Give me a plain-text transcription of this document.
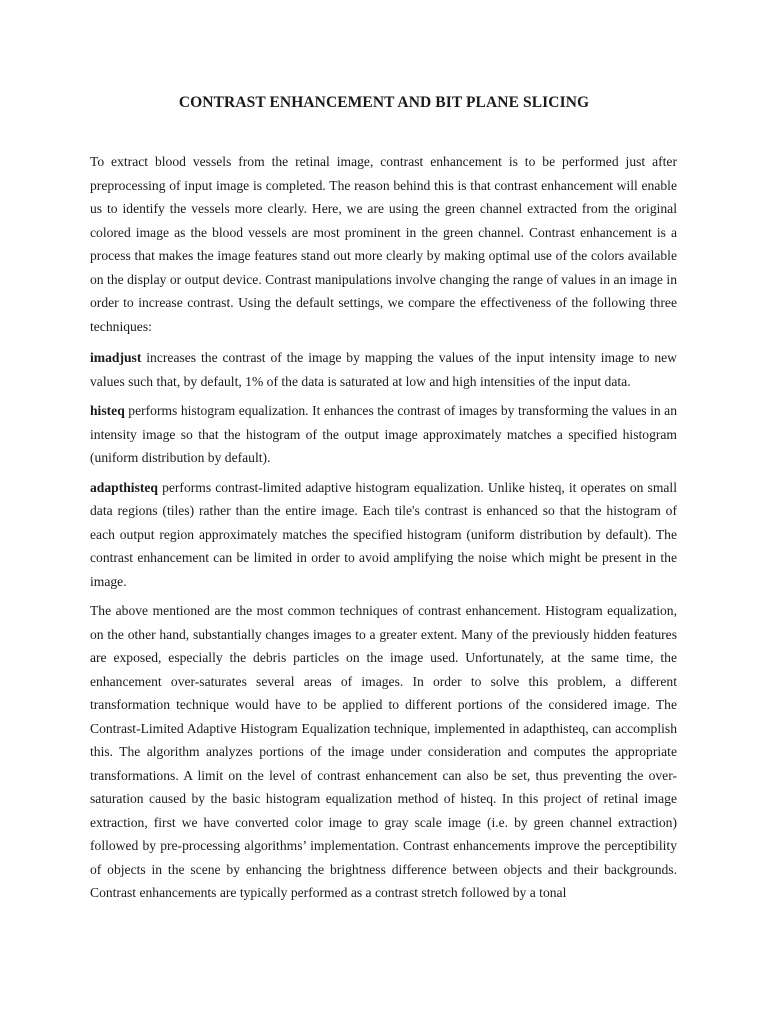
CONTRAST ENHANCEMENT AND BIT PLANE SLICING

To extract blood vessels from the retinal image, contrast enhancement is to be performed just after preprocessing of input image is completed. The reason behind this is that contrast enhancement will enable us to identify the vessels more clearly. Here, we are using the green channel extracted from the original colored image as the blood vessels are most prominent in the green channel. Contrast enhancement is a process that makes the image features stand out more clearly by making optimal use of the colors available on the display or output device. Contrast manipulations involve changing the range of values in an image in order to increase contrast. Using the default settings, we compare the effectiveness of the following three techniques:

imadjust increases the contrast of the image by mapping the values of the input intensity image to new values such that, by default, 1% of the data is saturated at low and high intensities of the input data.

histeq performs histogram equalization. It enhances the contrast of images by transforming the values in an intensity image so that the histogram of the output image approximately matches a specified histogram (uniform distribution by default).

adapthisteq performs contrast-limited adaptive histogram equalization. Unlike histeq, it operates on small data regions (tiles) rather than the entire image. Each tile's contrast is enhanced so that the histogram of each output region approximately matches the specified histogram (uniform distribution by default). The contrast enhancement can be limited in order to avoid amplifying the noise which might be present in the image.

The above mentioned are the most common techniques of contrast enhancement. Histogram equalization, on the other hand, substantially changes images to a greater extent. Many of the previously hidden features are exposed, especially the debris particles on the image used. Unfortunately, at the same time, the enhancement over-saturates several areas of images. In order to solve this problem, a different transformation technique would have to be applied to different portions of the considered image. The Contrast-Limited Adaptive Histogram Equalization technique, implemented in adapthisteq, can accomplish this. The algorithm analyzes portions of the image under consideration and computes the appropriate transformations. A limit on the level of contrast enhancement can also be set, thus preventing the over-saturation caused by the basic histogram equalization method of histeq. In this project of retinal image extraction, first we have converted color image to gray scale image (i.e. by green channel extraction) followed by pre-processing algorithms’ implementation. Contrast enhancements improve the perceptibility of objects in the scene by enhancing the brightness difference between objects and their backgrounds. Contrast enhancements are typically performed as a contrast stretch followed by a tonal
